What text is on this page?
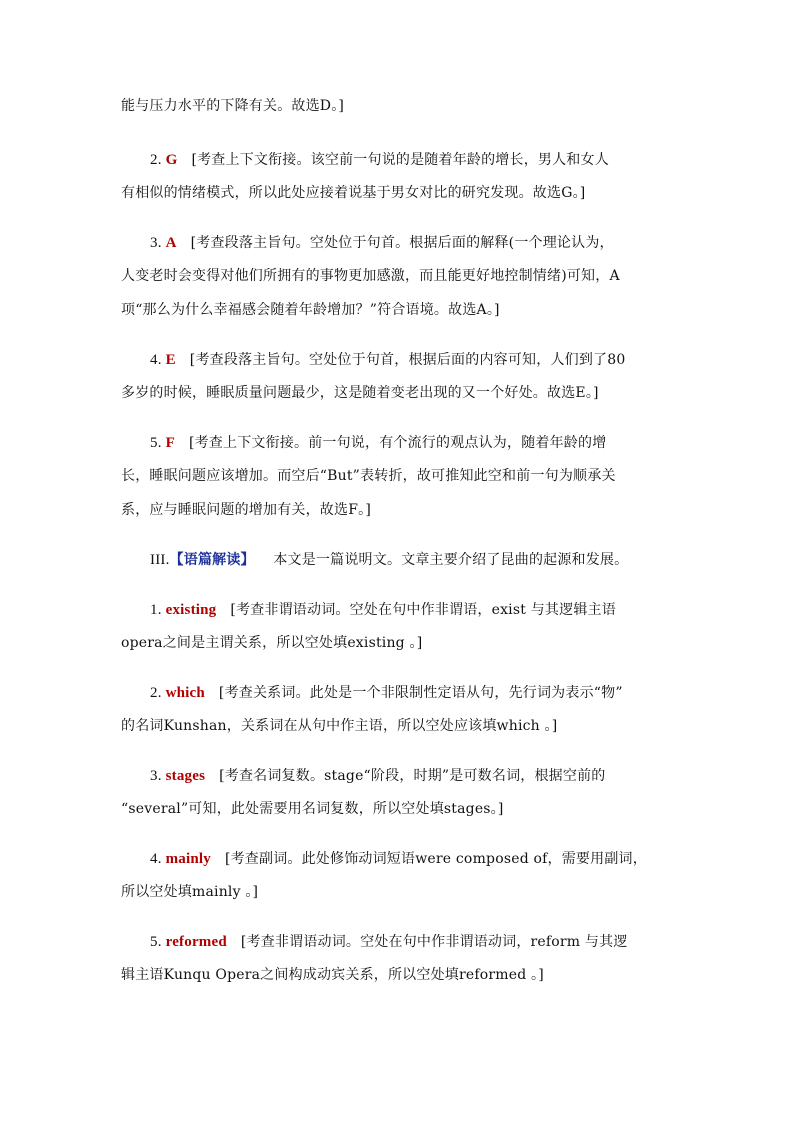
能与压力水平的下降有关。故选D。]
2. G [考查上下文衔接。该空前一句说的是随着年龄的增长，男人和女人
有相似的情绪模式，所以此处应接着说基于男女对比的研究发现。故选G。]
3. A [考查段落主旨句。空处位于句首。根据后面的解释(一个理论认为，
人变老时会变得对他们所拥有的事物更加感激，而且能更好地控制情绪)可知，A
项“那么为什么幸福感会随着年龄增加？”符合语境。故选A。]
4. E [考查段落主旨句。空处位于句首，根据后面的内容可知，人们到了80
多岁的时候，睡眠质量问题最少，这是随着变老出现的又一个好处。故选E。]
5. F [考查上下文衔接。前一句说，有个流行的观点认为，随着年龄的增
长，睡眠问题应该增加。而空后“But”表转折，故可推知此空和前一句为顺承关
系，应与睡眠问题的增加有关，故选F。]
III.【语篇解读】 本文是一篇说明文。文章主要介绍了昆曲的起源和发展。
1. existing [考查非谓语动词。空处在句中作非谓语，exist 与其逻辑主语
opera之间是主谓关系，所以空处填existing 。]
2. which [考查关系词。此处是一个非限制性定语从句，先行词为表示“物”
的名词Kunshan，关系词在从句中作主语，所以空处应该填which 。]
3. stages [考查名词复数。stage“阶段，时期”是可数名词，根据空前的
“several”可知，此处需要用名词复数，所以空处填stages。]
4. mainly [考查副词。此处修饰动词短语were composed of，需要用副词，
所以空处填mainly 。]
5. reformed [考查非谓语动词。空处在句中作非谓语动词，reform 与其逻
辑主语Kunqu Opera之间构成动宾关系，所以空处填reformed 。]
